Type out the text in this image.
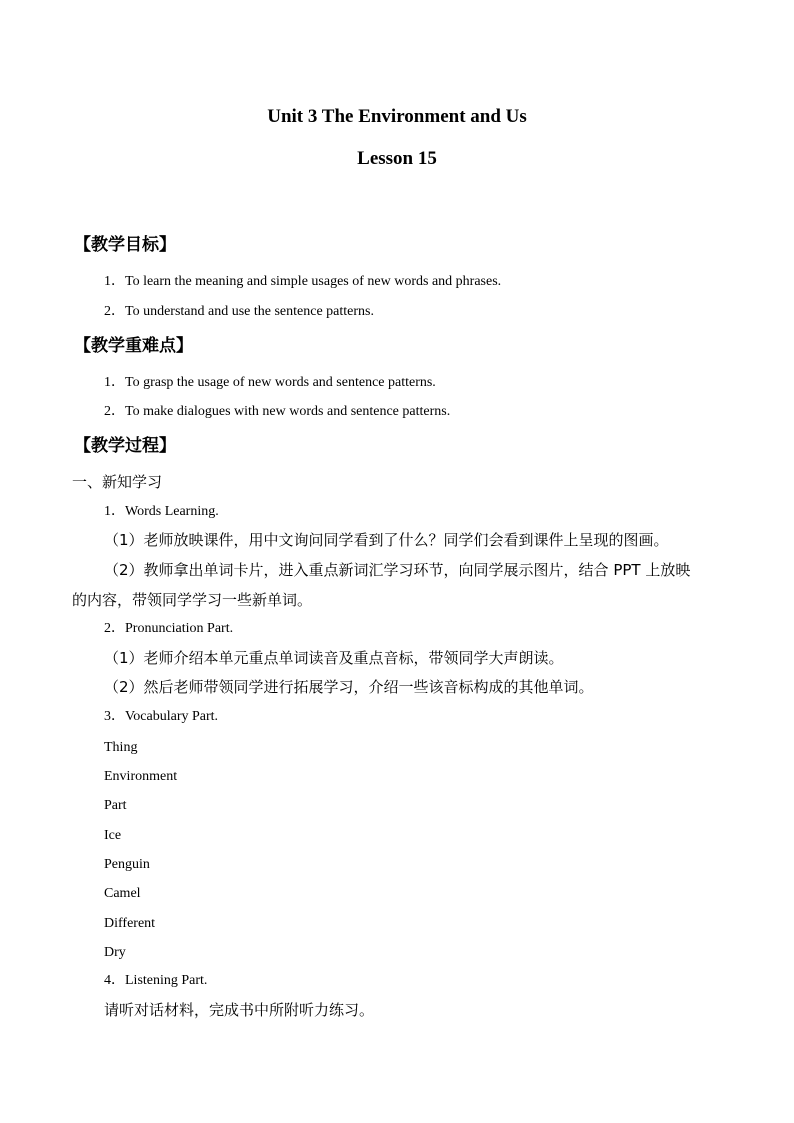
Unit 3 The Environment and Us
Lesson 15
【教学目标】
1．To learn the meaning and simple usages of new words and phrases.
2．To understand and use the sentence patterns.
【教学重难点】
1．To grasp the usage of new words and sentence patterns.
2．To make dialogues with new words and sentence patterns.
【教学过程】
一、新知学习
1．Words Learning.
（1）老师放映课件，用中文询问同学看到了什么？同学们会看到课件上呈现的图画。
（2）教师拿出单词卡片，进入重点新词汇学习环节，向同学展示图片，结合 PPT 上放映
的内容，带领同学学习一些新单词。
2．Pronunciation Part.
（1）老师介绍本单元重点单词读音及重点音标，带领同学大声朗读。
（2）然后老师带领同学进行拓展学习，介绍一些该音标构成的其他单词。
3．Vocabulary Part.
Thing
Environment
Part
Ice
Penguin
Camel
Different
Dry
4．Listening Part.
请听对话材料，完成书中所附听力练习。
